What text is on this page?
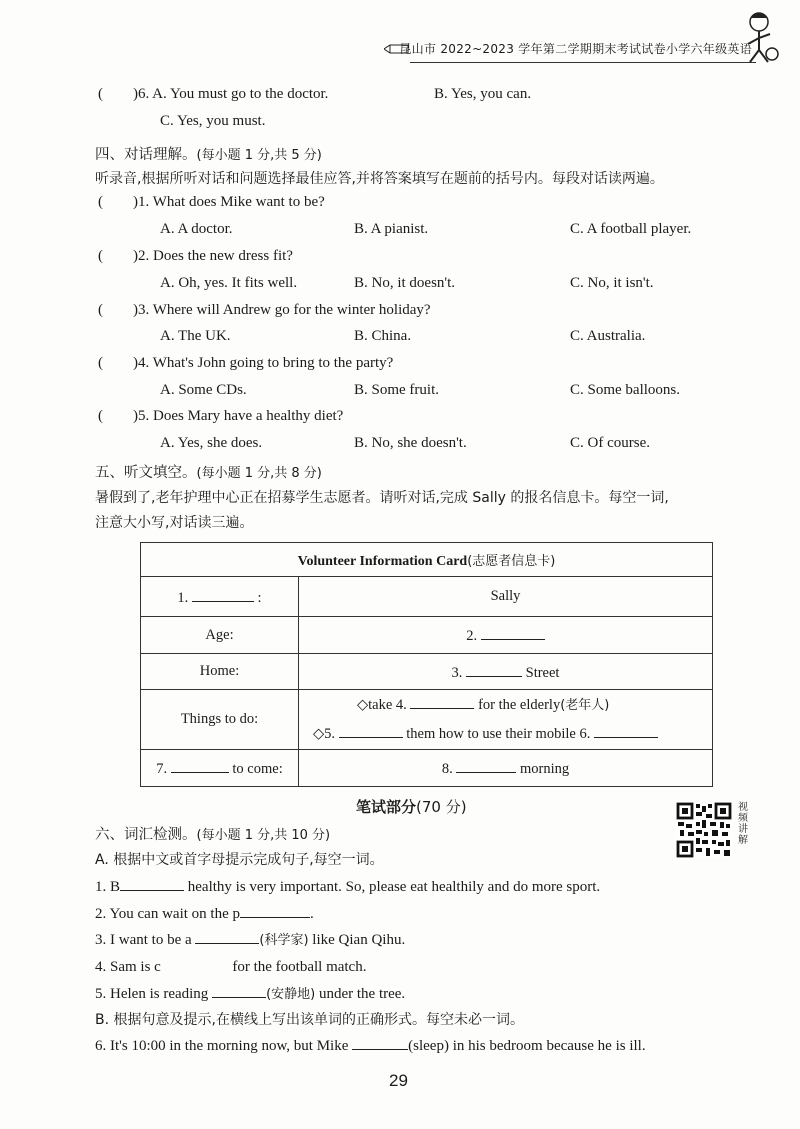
昆山市 2022~2023 学年第二学期期末考试试卷小学六年级英语
( )6. A. You must go to the doctor.	B. Yes, you can.
C. Yes, you must.
四、对话理解。(每小题 1 分,共 5 分)
听录音,根据所听对话和问题选择最佳应答,并将答案填写在题前的括号内。每段对话读两遍。
( )1. What does Mike want to be?
A. A doctor.	B. A pianist.	C. A football player.
( )2. Does the new dress fit?
A. Oh, yes. It fits well.	B. No, it doesn't.	C. No, it isn't.
( )3. Where will Andrew go for the winter holiday?
A. The UK.	B. China.	C. Australia.
( )4. What's John going to bring to the party?
A. Some CDs.	B. Some fruit.	C. Some balloons.
( )5. Does Mary have a healthy diet?
A. Yes, she does.	B. No, she doesn't.	C. Of course.
五、听文填空。(每小题 1 分,共 8 分)
暑假到了,老年护理中心正在招募学生志愿者。请听对话,完成 Sally 的报名信息卡。每空一词,
注意大小写,对话读三遍。
Volunteer Information Card(志愿者信息卡)	
1. :	Sally
Age:	2.
Home:	3. Street
Things to do:	◇take 4. for the elderly(老年人)
◇5. them how to use their mobile 6.

7. to come:	8. morning
笔试部分(70 分)	视频讲解
六、词汇检测。(每小题 1 分,共 10 分)
A. 根据中文或首字母提示完成句子,每空一词。
1. B	healthy is very important. So, please eat healthily and do more sport.
2. You can wait on the p	.
3. I want to be a	(科学家) like Qian Qihu.
4. Sam is c	for the football match.
5. Helen is reading	(安静地) under the tree.
B. 根据句意及提示,在横线上写出该单词的正确形式。每空未必一词。
6. It's 10:00 in the morning now, but Mike	(sleep) in his bedroom because he is ill.
29
